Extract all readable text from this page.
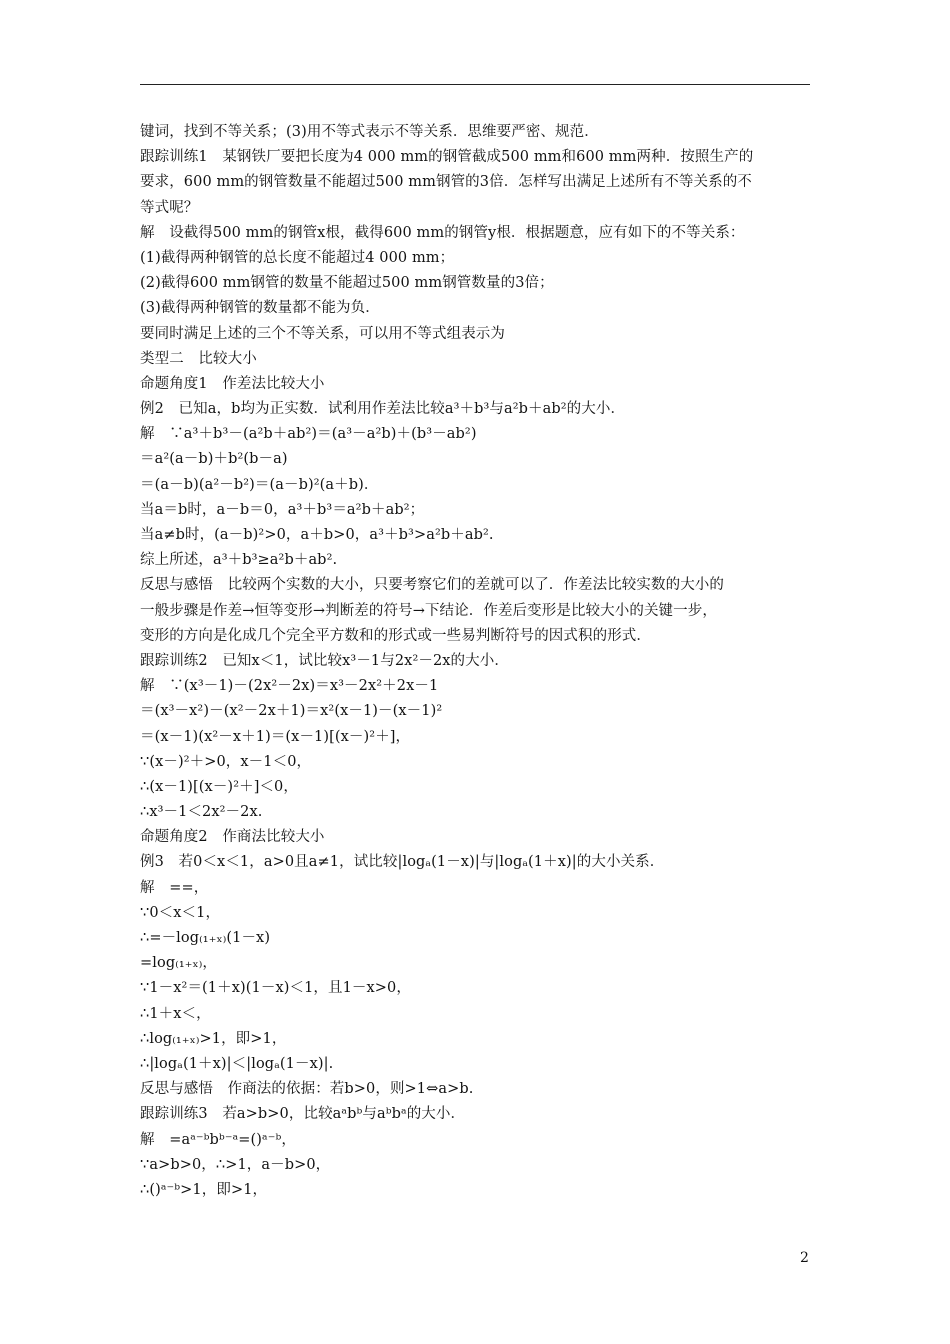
键词，找到不等关系；(3)用不等式表示不等关系．思维要严密、规范．
跟踪训练1　某钢铁厂要把长度为4 000 mm的钢管截成500 mm和600 mm两种．按照生产的
要求，600 mm的钢管数量不能超过500 mm钢管的3倍．怎样写出满足上述所有不等关系的不
等式呢？
解　设截得500 mm的钢管x根，截得600 mm的钢管y根．根据题意，应有如下的不等关系：
(1)截得两种钢管的总长度不能超过4 000 mm；
(2)截得600 mm钢管的数量不能超过500 mm钢管数量的3倍；
(3)截得两种钢管的数量都不能为负．
要同时满足上述的三个不等关系，可以用不等式组表示为
类型二　比较大小
命题角度1　作差法比较大小
例2　已知a，b均为正实数．试利用作差法比较a³＋b³与a²b＋ab²的大小．
解　∵a³＋b³－(a²b＋ab²)＝(a³－a²b)＋(b³－ab²)
＝a²(a－b)＋b²(b－a)
＝(a－b)(a²－b²)＝(a－b)²(a＋b)．
当a＝b时，a－b＝0，a³＋b³＝a²b＋ab²；
当a≠b时，(a－b)²>0，a＋b>0，a³＋b³>a²b＋ab².
综上所述，a³＋b³≥a²b＋ab².
反思与感悟　比较两个实数的大小，只要考察它们的差就可以了．作差法比较实数的大小的
一般步骤是作差→恒等变形→判断差的符号→下结论．作差后变形是比较大小的关键一步，
变形的方向是化成几个完全平方数和的形式或一些易判断符号的因式积的形式．
跟踪训练2　已知x＜1，试比较x³－1与2x²－2x的大小．
解　∵(x³－1)－(2x²－2x)＝x³－2x²＋2x－1
＝(x³－x²)－(x²－2x＋1)＝x²(x－1)－(x－1)²
＝(x－1)(x²－x＋1)＝(x－1)[(x－)²＋]，
∵(x－)²＋>0，x－1＜0，
∴(x－1)[(x－)²＋]＜0，
∴x³－1＜2x²－2x.
命题角度2　作商法比较大小
例3　若0＜x＜1，a>0且a≠1，试比较|logₐ(1－x)|与|logₐ(1＋x)|的大小关系．
解　==，
∵0＜x＜1，
∴=－log₍₁₊ₓ₎(1－x)
=log₍₁₊ₓ₎，
∵1－x²＝(1＋x)(1－x)＜1，且1－x>0，
∴1＋x＜，
∴log₍₁₊ₓ₎>1，即>1，
∴|logₐ(1＋x)|＜|logₐ(1－x)|.
反思与感悟　作商法的依据：若b>0，则>1⇔a>b.
跟踪训练3　若a>b>0，比较aᵃbᵇ与aᵇbᵃ的大小．
解　=aᵃ⁻ᵇbᵇ⁻ᵃ=()ᵃ⁻ᵇ，
∵a>b>0，∴>1，a－b>0，
∴()ᵃ⁻ᵇ>1，即>1，
2
